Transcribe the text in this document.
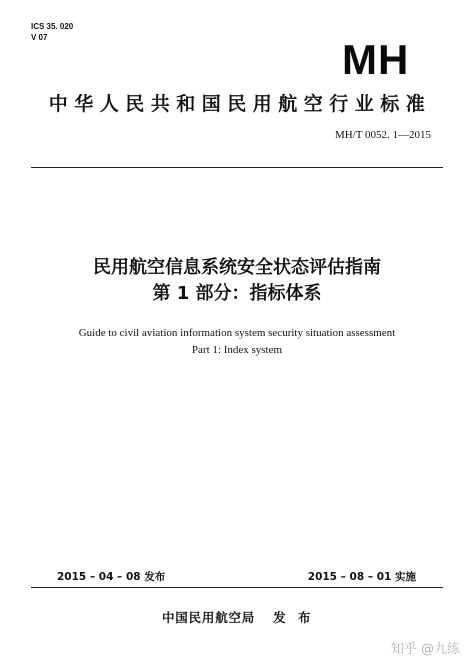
ICS 35. 020
V 07	MH
中华人民共和国民用航空行业标准
MH/T 0052. 1—2015
民用航空信息系统安全状态评估指南
第 1 部分：指标体系
Guide to civil aviation information system security situation assessment
Part 1: Index system
2015 – 04 – 08 发布	2015 – 08 – 01 实施
中国民用航空局 发 布
知乎 @九练
